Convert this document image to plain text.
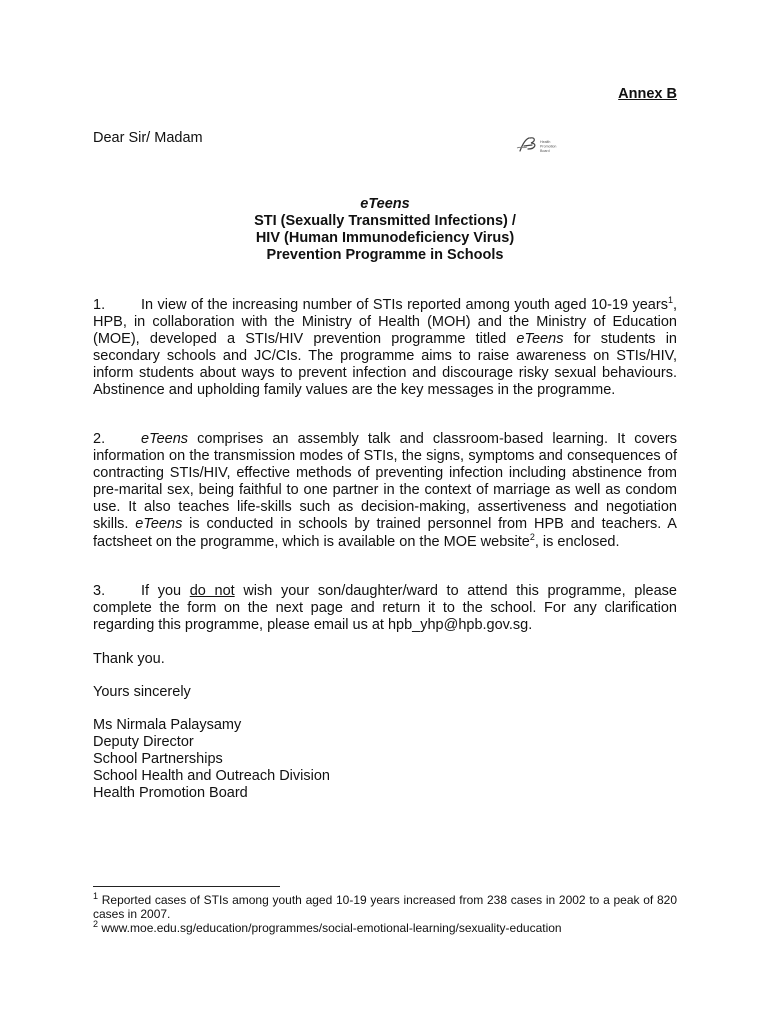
Annex B
Dear Sir/ Madam	Health
Promotion
Board
eTeens
STI (Sexually Transmitted Infections) /
HIV (Human Immunodeficiency Virus)
Prevention Programme in Schools

1. In view of the increasing number of STIs reported among youth aged 10-19 years$^1$, HPB, in collaboration with the Ministry of Health (MOH) and the Ministry of Education (MOE), developed a STIs/HIV prevention programme titled eTeens for students in secondary schools and JC/CIs. The programme aims to raise awareness on STIs/HIV, inform students about ways to prevent infection and discourage risky sexual behaviours. Abstinence and upholding family values are the key messages in the programme.

2. eTeens comprises an assembly talk and classroom-based learning. It covers information on the transmission modes of STIs, the signs, symptoms and consequences of contracting STIs/HIV, effective methods of preventing infection including abstinence from pre-marital sex, being faithful to one partner in the context of marriage as well as condom use. It also teaches life-skills such as decision-making, assertiveness and negotiation skills. eTeens is conducted in schools by trained personnel from HPB and teachers. A factsheet on the programme, which is available on the MOE website$^2$, is enclosed.

3. If you do not wish your son/daughter/ward to attend this programme, please complete the form on the next page and return it to the school. For any clarification regarding this programme, please email us at hpb_yhp@hpb.gov.sg.

Thank you.

Yours sincerely

Ms Nirmala Palaysamy
Deputy Director
School Partnerships
School Health and Outreach Division
Health Promotion Board

$^1$ Reported cases of STIs among youth aged 10-19 years increased from 238 cases in 2002 to a peak of 820 cases in 2007.

$^2$ www.moe.edu.sg/education/programmes/social-emotional-learning/sexuality-education
